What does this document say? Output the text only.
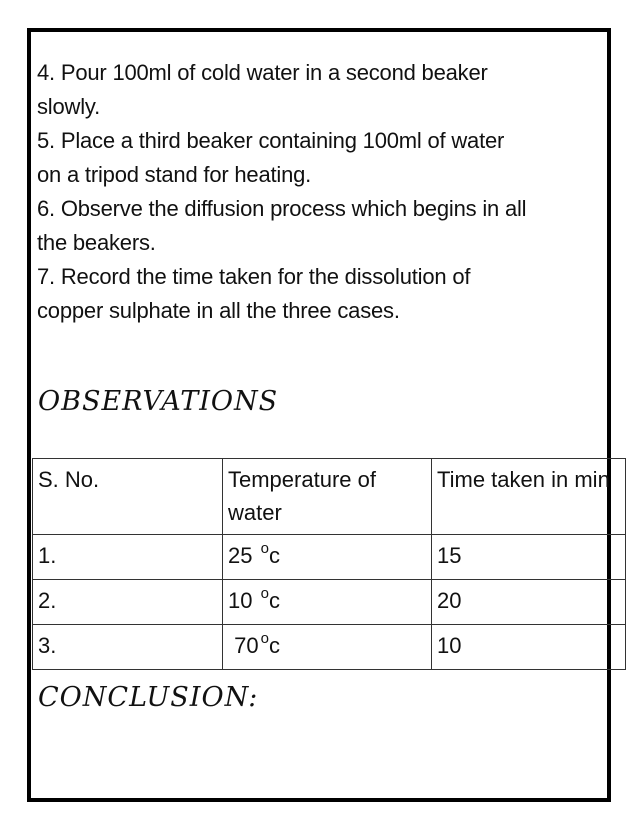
4. Pour 100ml of cold water in a second beaker

slowly.

5. Place a third beaker containing 100ml of water

on a tripod stand for heating.

6. Observe the diffusion process which begins in all

the beakers.

7. Record the time taken for the dissolution of

copper sulphate in all the three cases.

OBSERVATIONS
S. No.	Temperature of water	Time taken in min
1.	25 $^o$c	15
2.	10 $^o$c	20
3.	70 $^o$c	10
CONCLUSION:
